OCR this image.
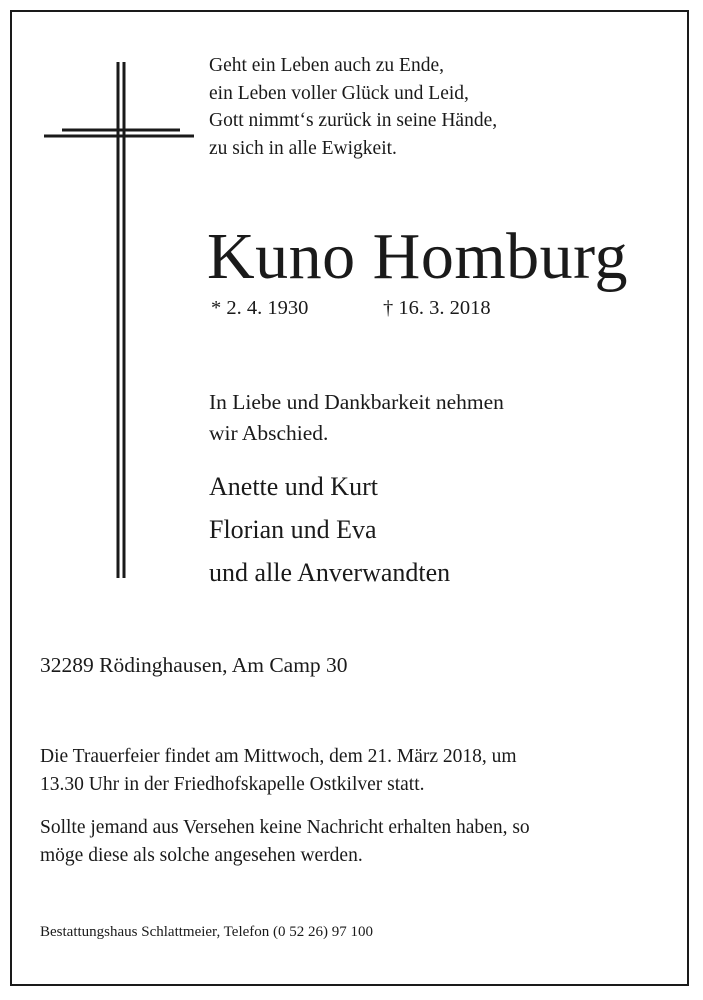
Geht ein Leben auch zu Ende,
ein Leben voller Glück und Leid,
Gott nimmt‘s zurück in seine Hände,
zu sich in alle Ewigkeit.
Kuno Homburg
* 2. 4. 1930	† 16. 3. 2018
In Liebe und Dankbarkeit nehmen
wir Abschied.
Anette und Kurt
Florian und Eva
und alle Anverwandten
32289 Rödinghausen, Am Camp 30
Die Trauerfeier findet am Mittwoch, dem 21. März 2018, um
13.30 Uhr in der Friedhofskapelle Ostkilver statt.
Sollte jemand aus Versehen keine Nachricht erhalten haben, so
möge diese als solche angesehen werden.
Bestattungshaus Schlattmeier, Telefon (0 52 26) 97 100
